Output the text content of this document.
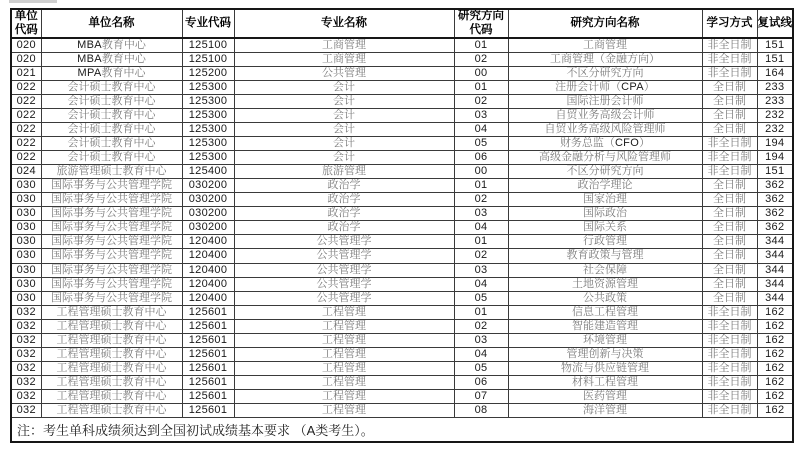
单位代码	单位名称	专业代码	专业名称	研究方向代码	研究方向名称	学习方式	复试线
020	MBA教育中心	125100	工商管理	01	工商管理	非全日制	151
020	MBA教育中心	125100	工商管理	02	工商管理（金融方向）	非全日制	151
021	MPA教育中心	125200	公共管理	00	不区分研究方向	非全日制	164
022	会计硕士教育中心	125300	会计	01	注册会计师（CPA）	全日制	233
022	会计硕士教育中心	125300	会计	02	国际注册会计师	全日制	233
022	会计硕士教育中心	125300	会计	03	自贸业务高级会计师	全日制	232
022	会计硕士教育中心	125300	会计	04	自贸业务高级风险管理师	全日制	232
022	会计硕士教育中心	125300	会计	05	财务总监（CFO）	非全日制	194
022	会计硕士教育中心	125300	会计	06	高级金融分析与风险管理师	非全日制	194
024	旅游管理硕士教育中心	125400	旅游管理	00	不区分研究方向	非全日制	151
030	国际事务与公共管理学院	030200	政治学	01	政治学理论	全日制	362
030	国际事务与公共管理学院	030200	政治学	02	国家治理	全日制	362
030	国际事务与公共管理学院	030200	政治学	03	国际政治	全日制	362
030	国际事务与公共管理学院	030200	政治学	04	国际关系	全日制	362
030	国际事务与公共管理学院	120400	公共管理学	01	行政管理	全日制	344
030	国际事务与公共管理学院	120400	公共管理学	02	教育政策与管理	全日制	344
030	国际事务与公共管理学院	120400	公共管理学	03	社会保障	全日制	344
030	国际事务与公共管理学院	120400	公共管理学	04	土地资源管理	全日制	344
030	国际事务与公共管理学院	120400	公共管理学	05	公共政策	全日制	344
032	工程管理硕士教育中心	125601	工程管理	01	信息工程管理	非全日制	162
032	工程管理硕士教育中心	125601	工程管理	02	智能建造管理	非全日制	162
032	工程管理硕士教育中心	125601	工程管理	03	环境管理	非全日制	162
032	工程管理硕士教育中心	125601	工程管理	04	管理创新与决策	非全日制	162
032	工程管理硕士教育中心	125601	工程管理	05	物流与供应链管理	非全日制	162
032	工程管理硕士教育中心	125601	工程管理	06	材料工程管理	非全日制	162
032	工程管理硕士教育中心	125601	工程管理	07	医药管理	非全日制	162
032	工程管理硕士教育中心	125601	工程管理	08	海洋管理	非全日制	162
注：考生单科成绩须达到全国初试成绩基本要求 （A类考生）。							
